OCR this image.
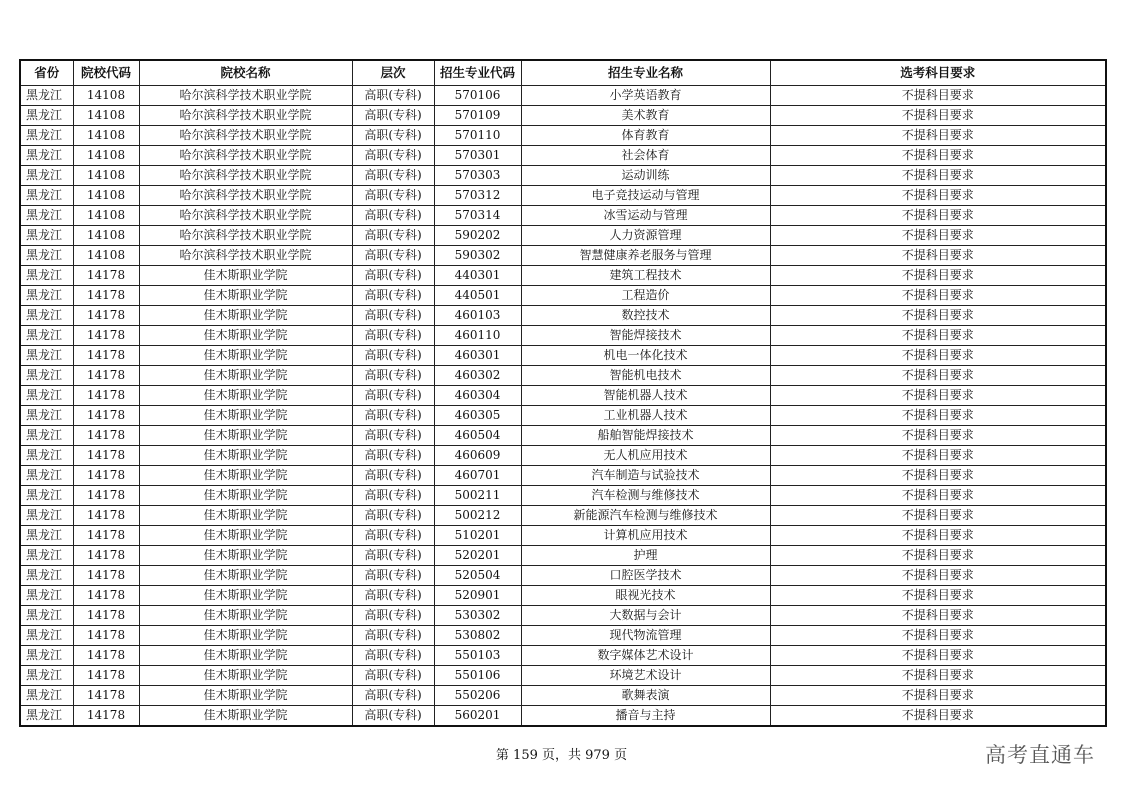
省份	院校代码	院校名称	层次	招生专业代码	招生专业名称	选考科目要求
黑龙江	14108	哈尔滨科学技术职业学院	高职(专科)	570106	小学英语教育	不提科目要求
黑龙江	14108	哈尔滨科学技术职业学院	高职(专科)	570109	美术教育	不提科目要求
黑龙江	14108	哈尔滨科学技术职业学院	高职(专科)	570110	体育教育	不提科目要求
黑龙江	14108	哈尔滨科学技术职业学院	高职(专科)	570301	社会体育	不提科目要求
黑龙江	14108	哈尔滨科学技术职业学院	高职(专科)	570303	运动训练	不提科目要求
黑龙江	14108	哈尔滨科学技术职业学院	高职(专科)	570312	电子竞技运动与管理	不提科目要求
黑龙江	14108	哈尔滨科学技术职业学院	高职(专科)	570314	冰雪运动与管理	不提科目要求
黑龙江	14108	哈尔滨科学技术职业学院	高职(专科)	590202	人力资源管理	不提科目要求
黑龙江	14108	哈尔滨科学技术职业学院	高职(专科)	590302	智慧健康养老服务与管理	不提科目要求
黑龙江	14178	佳木斯职业学院	高职(专科)	440301	建筑工程技术	不提科目要求
黑龙江	14178	佳木斯职业学院	高职(专科)	440501	工程造价	不提科目要求
黑龙江	14178	佳木斯职业学院	高职(专科)	460103	数控技术	不提科目要求
黑龙江	14178	佳木斯职业学院	高职(专科)	460110	智能焊接技术	不提科目要求
黑龙江	14178	佳木斯职业学院	高职(专科)	460301	机电一体化技术	不提科目要求
黑龙江	14178	佳木斯职业学院	高职(专科)	460302	智能机电技术	不提科目要求
黑龙江	14178	佳木斯职业学院	高职(专科)	460304	智能机器人技术	不提科目要求
黑龙江	14178	佳木斯职业学院	高职(专科)	460305	工业机器人技术	不提科目要求
黑龙江	14178	佳木斯职业学院	高职(专科)	460504	船舶智能焊接技术	不提科目要求
黑龙江	14178	佳木斯职业学院	高职(专科)	460609	无人机应用技术	不提科目要求
黑龙江	14178	佳木斯职业学院	高职(专科)	460701	汽车制造与试验技术	不提科目要求
黑龙江	14178	佳木斯职业学院	高职(专科)	500211	汽车检测与维修技术	不提科目要求
黑龙江	14178	佳木斯职业学院	高职(专科)	500212	新能源汽车检测与维修技术	不提科目要求
黑龙江	14178	佳木斯职业学院	高职(专科)	510201	计算机应用技术	不提科目要求
黑龙江	14178	佳木斯职业学院	高职(专科)	520201	护理	不提科目要求
黑龙江	14178	佳木斯职业学院	高职(专科)	520504	口腔医学技术	不提科目要求
黑龙江	14178	佳木斯职业学院	高职(专科)	520901	眼视光技术	不提科目要求
黑龙江	14178	佳木斯职业学院	高职(专科)	530302	大数据与会计	不提科目要求
黑龙江	14178	佳木斯职业学院	高职(专科)	530802	现代物流管理	不提科目要求
黑龙江	14178	佳木斯职业学院	高职(专科)	550103	数字媒体艺术设计	不提科目要求
黑龙江	14178	佳木斯职业学院	高职(专科)	550106	环境艺术设计	不提科目要求
黑龙江	14178	佳木斯职业学院	高职(专科)	550206	歌舞表演	不提科目要求
黑龙江	14178	佳木斯职业学院	高职(专科)	560201	播音与主持	不提科目要求
第 159 页，共 979 页	高考直通车
